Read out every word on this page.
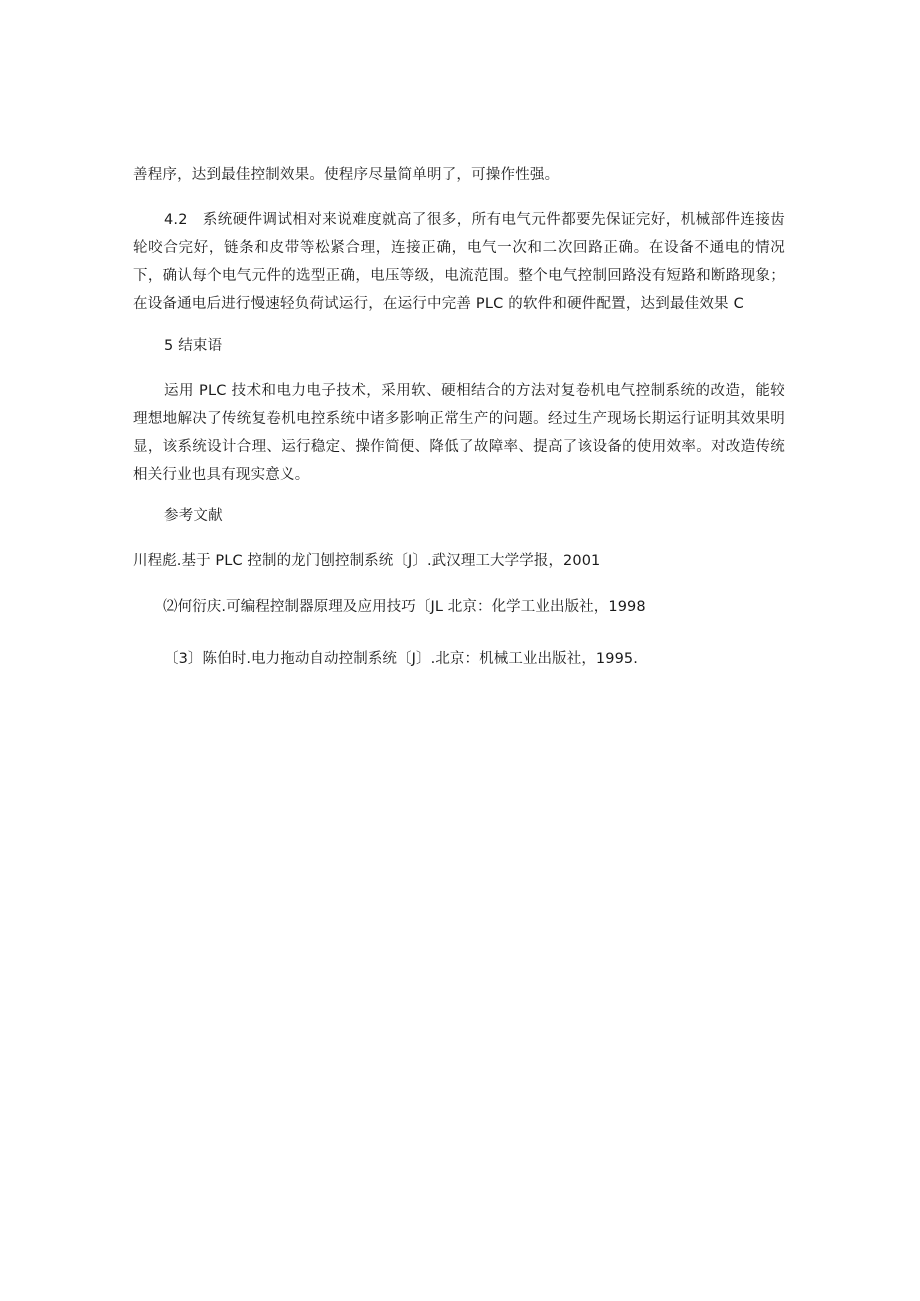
善程序，达到最佳控制效果。使程序尽量简单明了，可操作性强。

4.2　系统硬件调试相对来说难度就高了很多，所有电气元件都要先保证完好，机械部件连接齿轮咬合完好，链条和皮带等松紧合理，连接正确，电气一次和二次回路正确。在设备不通电的情况下，确认每个电气元件的选型正确，电压等级，电流范围。整个电气控制回路没有短路和断路现象；在设备通电后进行慢速轻负荷试运行，在运行中完善 PLC 的软件和硬件配置，达到最佳效果 C

5 结束语

运用 PLC 技术和电力电子技术，采用软、硬相结合的方法对复卷机电气控制系统的改造，能较理想地解决了传统复卷机电控系统中诸多影响正常生产的问题。经过生产现场长期运行证明其效果明显，该系统设计合理、运行稳定、操作简便、降低了故障率、提高了该设备的使用效率。对改造传统相关行业也具有现实意义。

参考文献

川程彪.基于 PLC 控制的龙门刨控制系统〔J〕.武汉理工大学学报，2001

⑵何衍庆.可编程控制器原理及应用技巧〔JL 北京：化学工业出版社，1998

〔3〕陈伯时.电力拖动自动控制系统〔J〕.北京：机械工业出版社，1995.
